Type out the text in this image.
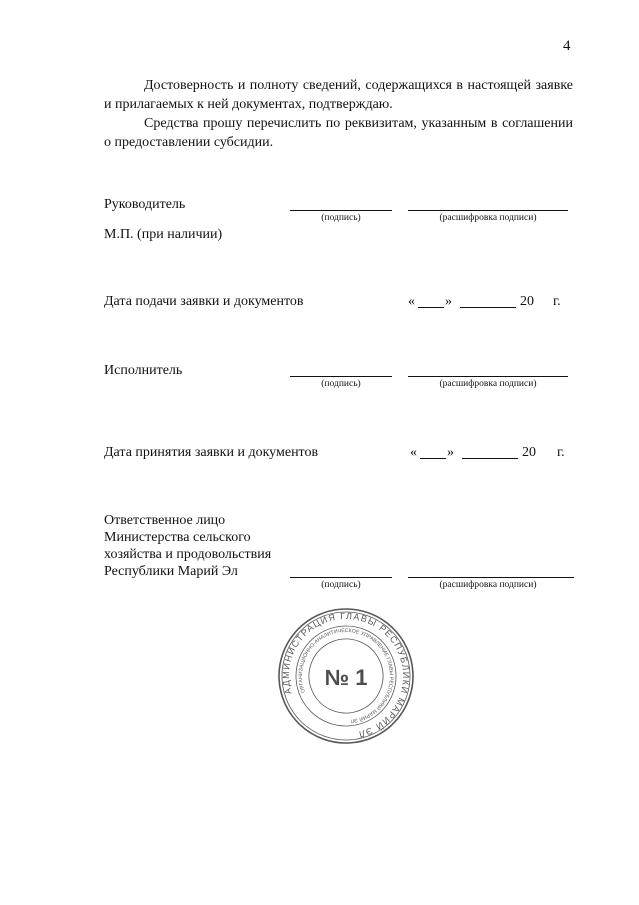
4
Достоверность и полноту сведений, содержащихся в настоящей заявке и прилагаемых к ней документах, подтверждаю.
Средства прошу перечислить по реквизитам, указанным в соглашении о предоставлении субсидии.
Руководитель
(подпись)	(расшифровка подписи)
М.П. (при наличии)
Дата подачи заявки и документов	« »	20 г.
Исполнитель
(подпись)	(расшифровка подписи)
Дата принятия заявки и документов	« »	20 г.
Ответственное лицо
Министерства сельского
хозяйства и продовольствия
Республики Марий Эл
(подпись)	(расшифровка подписи)
АДМИНИСТРАЦИЯ ГЛАВЫ РЕСПУБЛИКИ МАРИЙ ЭЛ
ОРГАНИЗАЦИОННО-АНАЛИТИЧЕСКОЕ УПРАВЛЕНИЕ ГЛАВЫ РЕСПУБЛИКИ МАРИЙ ЭЛ
№ 1
